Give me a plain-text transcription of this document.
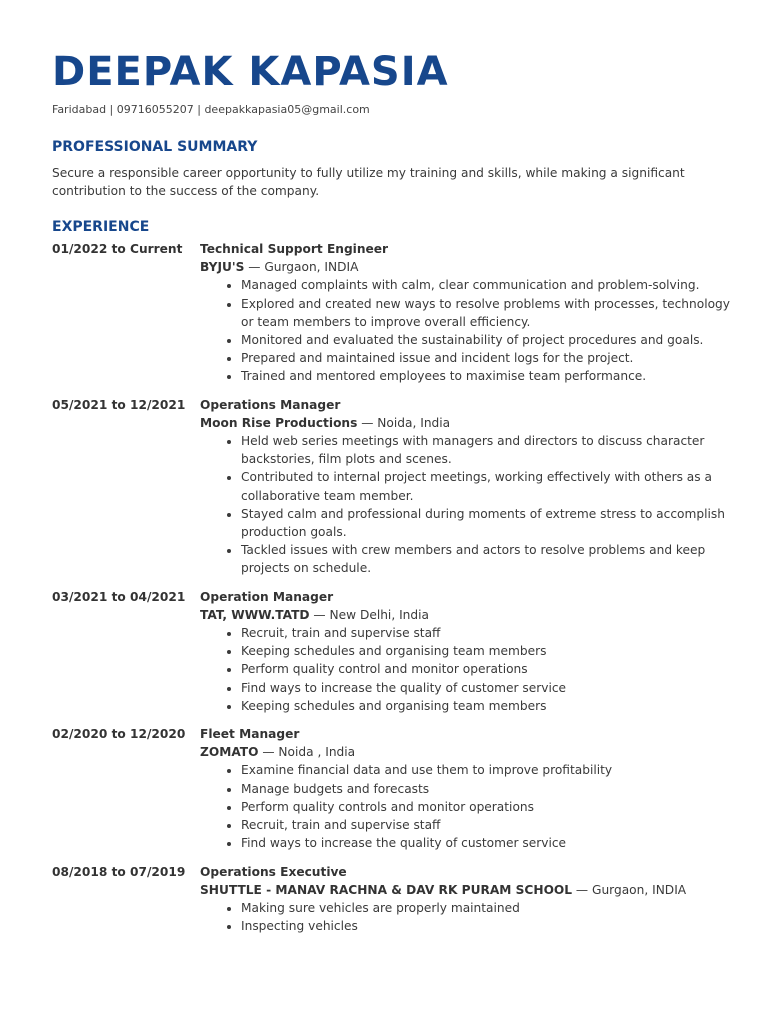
DEEPAK KAPASIA
Faridabad | 09716055207 | deepakkapasia05@gmail.com
PROFESSIONAL SUMMARY
Secure a responsible career opportunity to fully utilize my training and skills, while making a significant contribution to the success of the company.
EXPERIENCE
01/2022 to Current	Technical Support Engineer
BYJU'S — Gurgaon, INDIA
• Managed complaints with calm, clear communication and problem-solving.
• Explored and created new ways to resolve problems with processes, technology or team members to improve overall efficiency.
• Monitored and evaluated the sustainability of project procedures and goals.
• Prepared and maintained issue and incident logs for the project.
• Trained and mentored employees to maximise team performance.
05/2021 to 12/2021	Operations Manager
Moon Rise Productions — Noida, India
• Held web series meetings with managers and directors to discuss character backstories, film plots and scenes.
• Contributed to internal project meetings, working effectively with others as a collaborative team member.
• Stayed calm and professional during moments of extreme stress to accomplish production goals.
• Tackled issues with crew members and actors to resolve problems and keep projects on schedule.
03/2021 to 04/2021	Operation Manager
TAT, WWW.TATD — New Delhi, India
• Recruit, train and supervise staff
• Keeping schedules and organising team members
• Perform quality control and monitor operations
• Find ways to increase the quality of customer service
• Keeping schedules and organising team members
02/2020 to 12/2020	Fleet Manager
ZOMATO — Noida , India
• Examine financial data and use them to improve profitability
• Manage budgets and forecasts
• Perform quality controls and monitor operations
• Recruit, train and supervise staff
• Find ways to increase the quality of customer service
08/2018 to 07/2019	Operations Executive
SHUTTLE - MANAV RACHNA & DAV RK PURAM SCHOOL — Gurgaon, INDIA
• Making sure vehicles are properly maintained
• Inspecting vehicles
